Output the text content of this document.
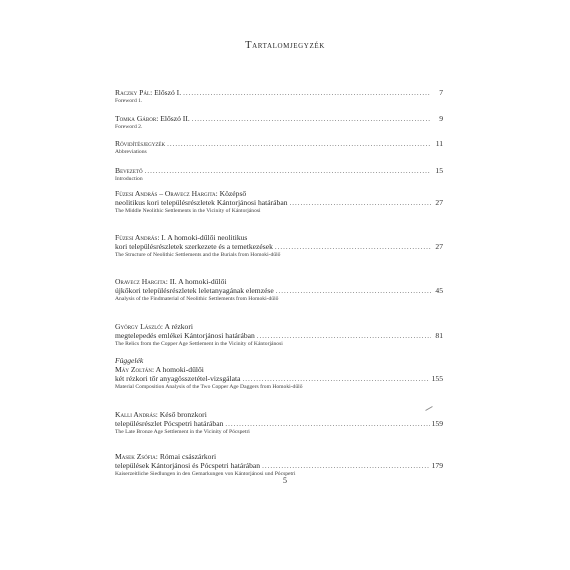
Tartalomjegyzék
Raczky Pál: Előszó I. .....	7
Foreword 1.
Tomka Gábor: Előszó II. .....	9
Foreword 2.
Rövidítésjegyzék .....	11
Abbreviations
Bevezető .....	15
Introduction
Füzesi András – Oravecz Hargita: Középső
neolitikus kori településrészletek Kántorjánosi határában .....	27
The Middle Neolithic Settlements in the Vicinity of Kántorjánosi
Füzesi András: I. A homoki-dűlői neolitikus
kori településrészletek szerkezete és a temetkezések .....	27
The Structure of Neolithic Settlements and the Burials from Homoki-dűlő
Oravecz Hargita: II. A homoki-dűlői
újkőkori településrészletek leletanyagának elemzése .....	45
Analysis of the Findmaterial of Neolithic Settlements from Homoki-dűlő
György László: A rézkori
megtelepedés emlékei Kántorjánosi határában .....	81
The Relics from the Copper Age Settlement in the Vicinity of Kántorjánosi
Függelék
Máy Zoltán: A homoki-dűlői
két rézkori tőr anyagösszetétel-vizsgálata .....	155
Material Composition Analysis of the Two Copper Age Daggers from Homoki-dűlő
Kalli András: Késő bronzkori
településrészlet Pócspetri határában .....	159
The Late Bronze Age Settlement in the Vicinity of Pócspetri
Masek Zsófia: Római császárkori
települések Kántorjánosi és Pócspetri határában .....	179
Kaiserzeitliche Siedlungen in den Gemarkungen von Kántorjánosi und Pócspetri
5
